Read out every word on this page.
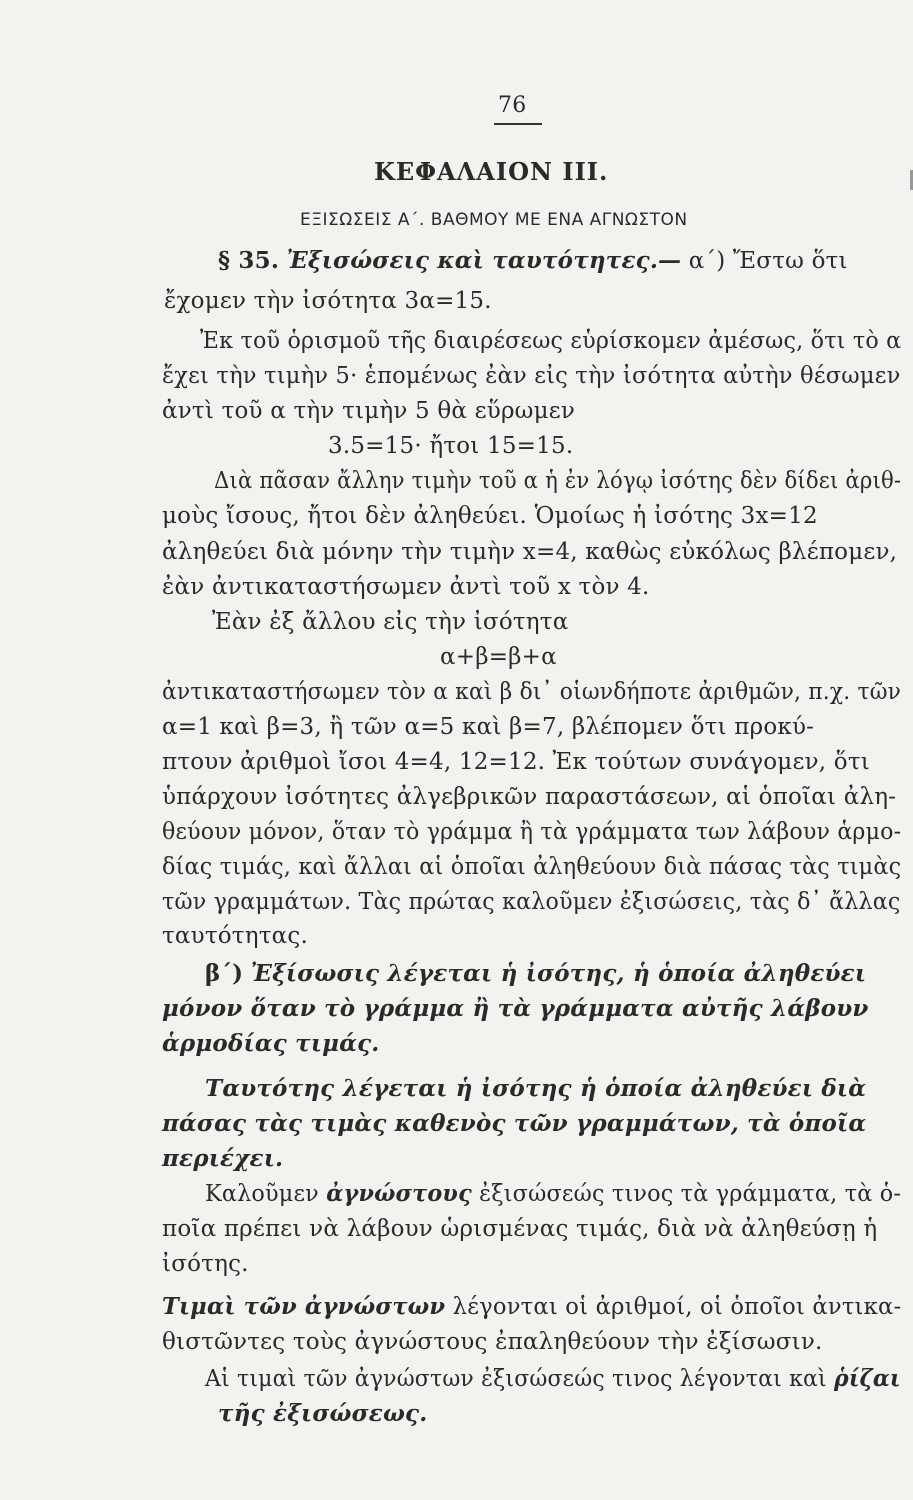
76
ΚΕΦΑΛΑΙΟΝ III.
ΕΞΙΣΩΣΕΙΣ Α΄. ΒΑΘΜΟΥ ΜΕ ΕΝΑ ΑΓΝΩΣΤΟΝ
§ 35. Ἐξισώσεις καὶ ταυτότητες.— α΄) Ἔστω ὅτι
ἔχομεν τὴν ἰσότητα 3α=15.
Ἐκ τοῦ ὁρισμοῦ τῆς διαιρέσεως εὑρίσκομεν ἀμέσως, ὅτι τὸ α
ἔχει τὴν τιμὴν 5· ἑπομένως ἐὰν εἰς τὴν ἰσότητα αὐτὴν θέσωμεν
ἀντὶ τοῦ α τὴν τιμὴν 5 θὰ εὕρωμεν
3.5=15· ἤτοι 15=15.
Διὰ πᾶσαν ἄλλην τιμὴν τοῦ α ἡ ἐν λόγῳ ἰσότης δὲν δίδει ἀριθ-
μοὺς ἴσους, ἤτοι δὲν ἀληθεύει. Ὁμοίως ἡ ἰσότης 3x=12
ἀληθεύει διὰ μόνην τὴν τιμὴν x=4, καθὼς εὐκόλως βλέπομεν,
ἐὰν ἀντικαταστήσωμεν ἀντὶ τοῦ x τὸν 4.
Ἐὰν ἐξ ἄλλου εἰς τὴν ἰσότητα
α+β=β+α
ἀντικαταστήσωμεν τὸν α καὶ β δι᾽ οἱωνδήποτε ἀριθμῶν, π.χ. τῶν
α=1 καὶ β=3, ἢ τῶν α=5 καὶ β=7, βλέπομεν ὅτι προκύ-
πτουν ἀριθμοὶ ἴσοι 4=4, 12=12. Ἐκ τούτων συνάγομεν, ὅτι
ὑπάρχουν ἰσότητες ἀλγεβρικῶν παραστάσεων, αἱ ὁποῖαι ἀλη-
θεύουν μόνον, ὅταν τὸ γράμμα ἢ τὰ γράμματα των λάβουν ἁρμο-
δίας τιμάς, καὶ ἄλλαι αἱ ὁποῖαι ἀληθεύουν διὰ πάσας τὰς τιμὰς
τῶν γραμμάτων. Τὰς πρώτας καλοῦμεν ἐξισώσεις, τὰς δ᾽ ἄλλας
ταυτότητας.
β΄) Ἐξίσωσις λέγεται ἡ ἰσότης, ἡ ὁποία ἀληθεύει
μόνον ὅταν τὸ γράμμα ἢ τὰ γράμματα αὐτῆς λάβουν
ἁρμοδίας τιμάς.
Ταυτότης λέγεται ἡ ἰσότης ἡ ὁποία ἀληθεύει διὰ
πάσας τὰς τιμὰς καθενὸς τῶν γραμμάτων, τὰ ὁποῖα
περιέχει.
Καλοῦμεν ἀγνώστους ἐξισώσεώς τινος τὰ γράμματα, τὰ ὁ-
ποῖα πρέπει νὰ λάβουν ὡρισμένας τιμάς, διὰ νὰ ἀληθεύσῃ ἡ
ἰσότης.
Τιμαὶ τῶν ἀγνώστων λέγονται οἱ ἀριθμοί, οἱ ὁποῖοι ἀντικα-
θιστῶντες τοὺς ἀγνώστους ἐπαληθεύουν τὴν ἐξίσωσιν.
Αἱ τιμαὶ τῶν ἀγνώστων ἐξισώσεώς τινος λέγονται καὶ ῥίζαι
τῆς ἐξισώσεως.
